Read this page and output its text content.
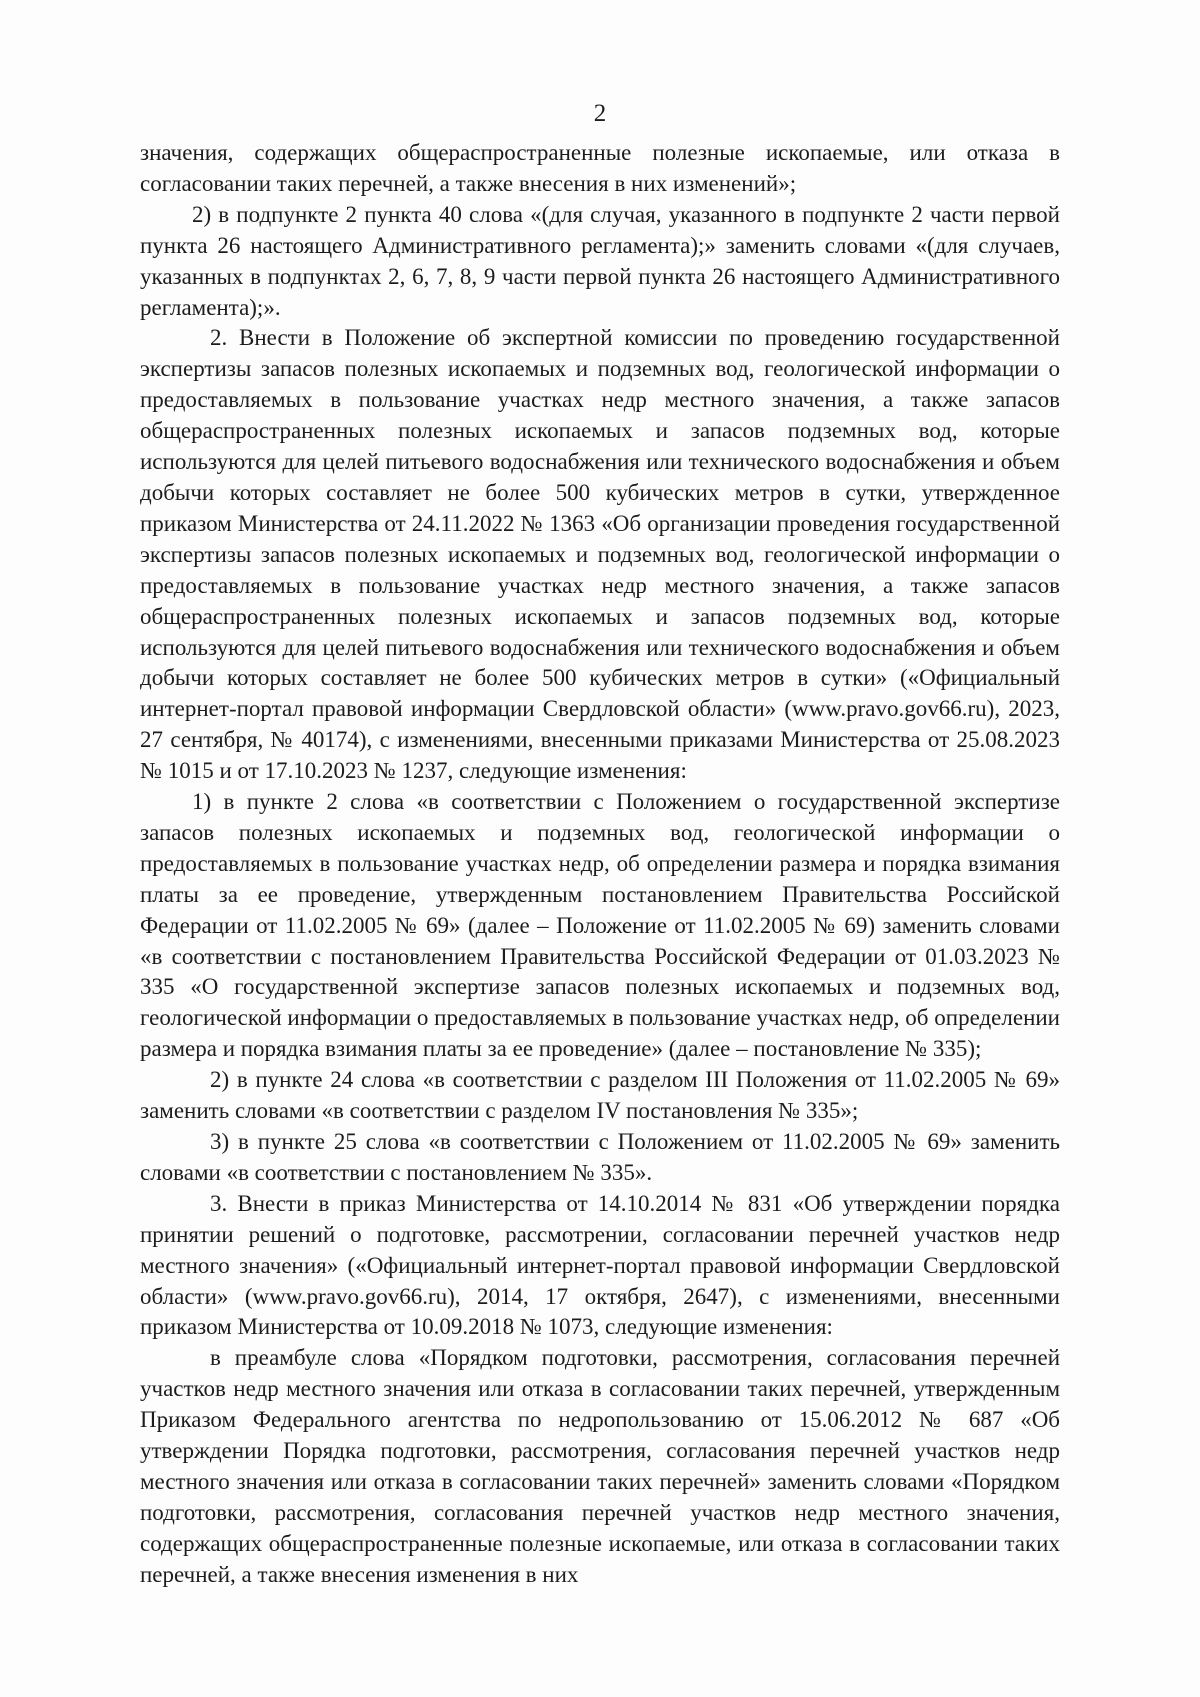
2

значения, содержащих общераспространенные полезные ископаемые, или отказа в согласовании таких перечней, а также внесения в них изменений»;

2) в подпункте 2 пункта 40 слова «(для случая, указанного в подпункте 2 части первой пункта 26 настоящего Административного регламента);» заменить словами «(для случаев, указанных в подпунктах 2, 6, 7, 8, 9 части первой пункта 26 настоящего Административного регламента);».

2. Внести в Положение об экспертной комиссии по проведению государственной экспертизы запасов полезных ископаемых и подземных вод, геологической информации о предоставляемых в пользование участках недр местного значения, а также запасов общераспространенных полезных ископаемых и запасов подземных вод, которые используются для целей питьевого водоснабжения или технического водоснабжения и объем добычи которых составляет не более 500 кубических метров в сутки, утвержденное приказом Министерства от 24.11.2022 № 1363 «Об организации проведения государственной экспертизы запасов полезных ископаемых и подземных вод, геологической информации о предоставляемых в пользование участках недр местного значения, а также запасов общераспространенных полезных ископаемых и запасов подземных вод, которые используются для целей питьевого водоснабжения или технического водоснабжения и объем добычи которых составляет не более 500 кубических метров в сутки» («Официальный интернет-портал правовой информации Свердловской области» (www.pravo.gov66.ru), 2023, 27 сентября, № 40174), с изменениями, внесенными приказами Министерства от 25.08.2023 № 1015 и от 17.10.2023 № 1237, следующие изменения:

1) в пункте 2 слова «в соответствии с Положением о государственной экспертизе запасов полезных ископаемых и подземных вод, геологической информации о предоставляемых в пользование участках недр, об определении размера и порядка взимания платы за ее проведение, утвержденным постановлением Правительства Российской Федерации от 11.02.2005 № 69» (далее – Положение от 11.02.2005 № 69) заменить словами «в соответствии с постановлением Правительства Российской Федерации от 01.03.2023 № 335 «О государственной экспертизе запасов полезных ископаемых и подземных вод, геологической информации о предоставляемых в пользование участках недр, об определении размера и порядка взимания платы за ее проведение» (далее – постановление № 335);

2) в пункте 24 слова «в соответствии с разделом III Положения от 11.02.2005 № 69» заменить словами «в соответствии с разделом IV постановления № 335»;

3) в пункте 25 слова «в соответствии с Положением от 11.02.2005 № 69» заменить словами «в соответствии с постановлением № 335».

3. Внести в приказ Министерства от 14.10.2014 № 831 «Об утверждении порядка принятии решений о подготовке, рассмотрении, согласовании перечней участков недр местного значения» («Официальный интернет-портал правовой информации Свердловской области» (www.pravo.gov66.ru), 2014, 17 октября, 2647), с изменениями, внесенными приказом Министерства от 10.09.2018 № 1073, следующие изменения:

в преамбуле слова «Порядком подготовки, рассмотрения, согласования перечней участков недр местного значения или отказа в согласовании таких перечней, утвержденным Приказом Федерального агентства по недропользованию от 15.06.2012 № 687 «Об утверждении Порядка подготовки, рассмотрения, согласования перечней участков недр местного значения или отказа в согласовании таких перечней» заменить словами «Порядком подготовки, рассмотрения, согласования перечней участков недр местного значения, содержащих общераспространенные полезные ископаемые, или отказа в согласовании таких перечней, а также внесения изменения в них
